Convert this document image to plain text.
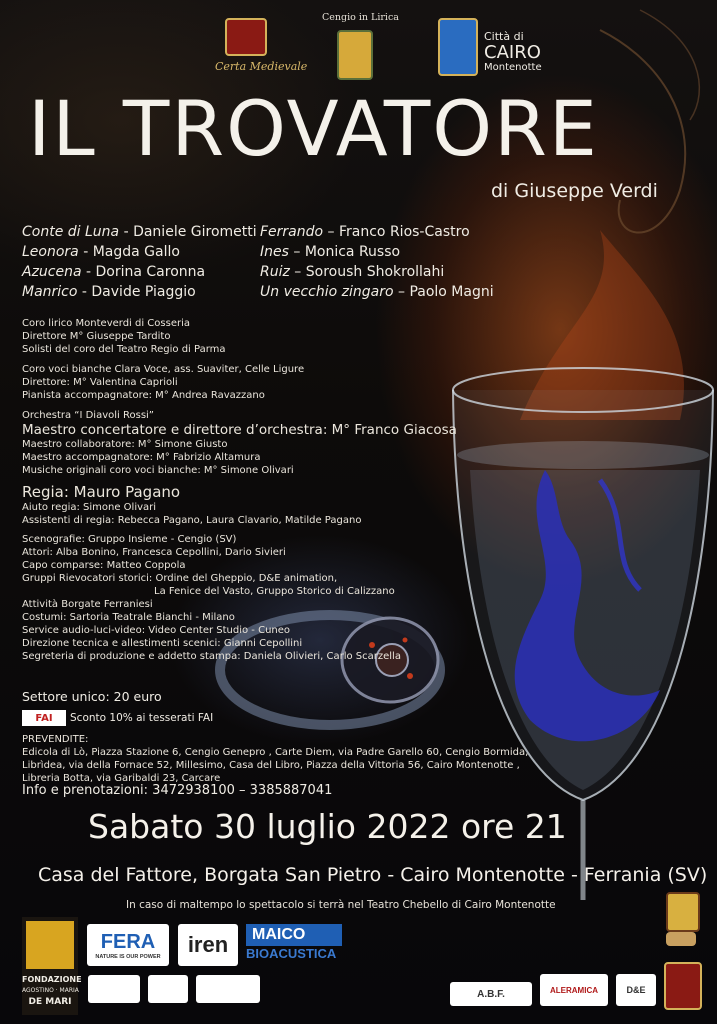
Certa Medievale
Cengio in Lirica
Città di
CAIRO
Montenotte
IL TROVATORE
di Giuseppe Verdi
Conte di Luna - Daniele Girometti
Leonora - Magda Gallo
Azucena - Dorina Caronna
Manrico - Davide Piaggio
Ferrando – Franco Rios-Castro
Ines – Monica Russo
Ruiz – Soroush Shokrollahi
Un vecchio zingaro – Paolo Magni
Coro lirico Monteverdi di Cosseria
Direttore M° Giuseppe Tardito
Solisti del coro del Teatro Regio di Parma
Coro voci bianche Clara Voce, ass. Suaviter, Celle Ligure
Direttore: M° Valentina Caprioli
Pianista accompagnatore: M° Andrea Ravazzano
Orchestra “I Diavoli Rossi”
Maestro concertatore e direttore d’orchestra: M° Franco Giacosa
Maestro collaboratore: M° Simone Giusto
Maestro accompagnatore: M° Fabrizio Altamura
Musiche originali coro voci bianche: M° Simone Olivari
Regia: Mauro Pagano
Aiuto regia: Simone Olivari
Assistenti di regia: Rebecca Pagano, Laura Clavario, Matilde Pagano
Scenografie: Gruppo Insieme - Cengio (SV)
Attori: Alba Bonino, Francesca Cepollini, Dario Sivieri
Capo comparse: Matteo Coppola
Gruppi Rievocatori storici: Ordine del Gheppio, D&E animation,
La Fenice del Vasto, Gruppo Storico di Calizzano
Attività Borgate Ferraniesi
Costumi: Sartoria Teatrale Bianchi - Milano
Service audio-luci-video: Video Center Studio - Cuneo
Direzione tecnica e allestimenti scenici: Gianni Cepollini
Segreteria di produzione e addetto stampa: Daniela Olivieri, Carlo Scarzella
Settore unico: 20 euro
FAI	Sconto 10% ai tesserati FAI
PREVENDITE:
Edicola di Lò, Piazza Stazione 6, Cengio Genepro , Carte Diem, via Padre Garello 60, Cengio Bormida,
Librìdea, via della Fornace 52, Millesimo, Casa del Libro, Piazza della Vittoria 56, Cairo Montenotte ,
Libreria Botta, via Garibaldi 23, Carcare
Info e prenotazioni: 3472938100 – 3385887041
Sabato 30 luglio 2022 ore 21
Casa del Fattore, Borgata San Pietro - Cairo Montenotte - Ferrania (SV)
In caso di maltempo lo spettacolo si terrà nel Teatro Chebello di Cairo Montenotte
FONDAZIONE
AGOSTINO · MARIA
DE MARI
FERA
NATURE IS OUR POWER	iren	MAICO
BIOACUSTICA
A.B.F.	ALERAMICA	D&E
